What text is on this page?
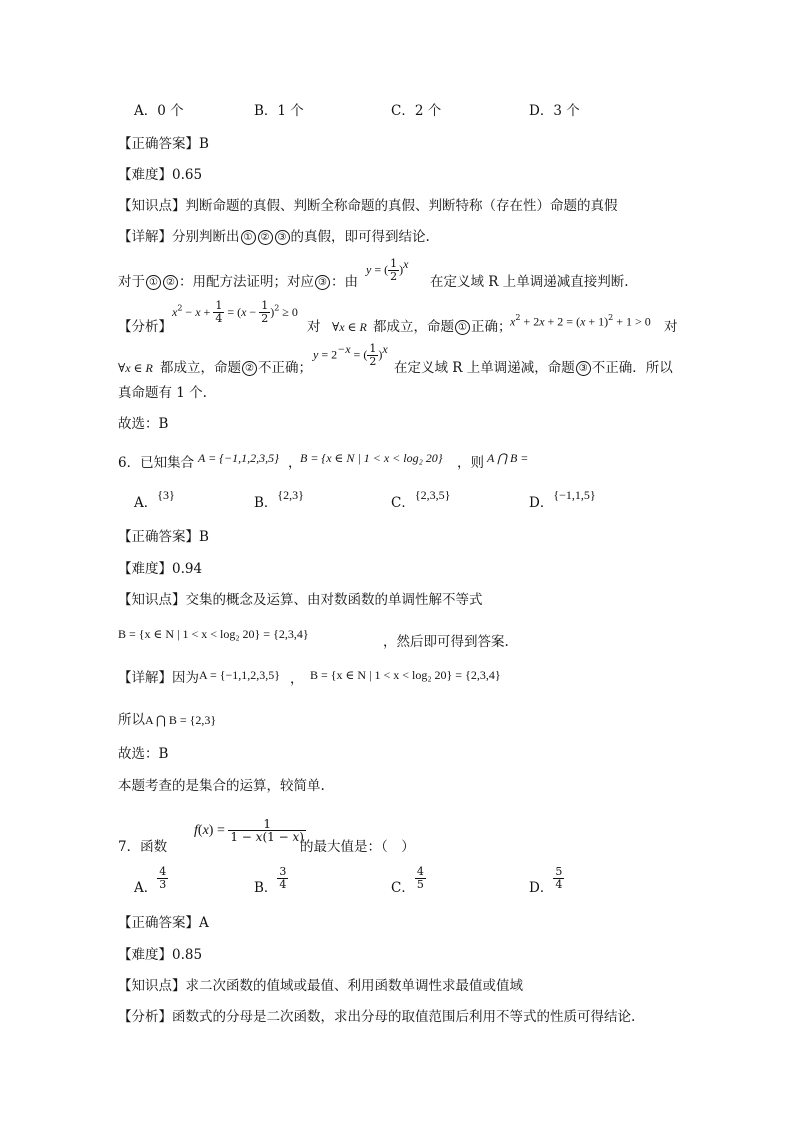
A．0 个	B．1 个	C．2 个	D．3 个
【正确答案】B
【难度】0.65
【知识点】判断命题的真假、判断全称命题的真假、判断特称（存在性）命题的真假
【详解】分别判断出 ① ② ③ 的真假，即可得到结论.
对于 ① ② ：用配方法证明；对应 ③ ：由
y = ( $\frac{1}{2} )^x$
在定义域 R 上单调递减直接判断.
【分析】
$x^2 - x + \frac{1}{4} = (x - \frac{1}{2} )^2 \ge 0$
对 ∀x ∈ R 都成立，命题 ① 正确；
$x^2 + 2x + 2 = (x + 1)^2 + 1 > 0$ 对
∀x ∈ R 都成立，命题 ② 不正确；
$y = 2^{-x}$ = ( $\frac{1}{2} )^x$
在定义域 R 上单调递减，命题 ③ 不正确．所以
真命题有 1 个.
故选：B
6．已知集合 A = {−1,1,2,3,5} ，
B = {x ∈ N | 1 < x < log₂ 20} ，则 A ⋂ B =
A．{3}	B．{2,3}	C．{2,3,5}	D．{−1,1,5}
【正确答案】B
【难度】0.94
【知识点】交集的概念及运算、由对数函数的单调性解不等式
B = {x ∈ N | 1 < x < log₂ 20} = {2,3,4}	，然后即可得到答案.
【详解】因为 A = {−1,1,2,3,5} ， B = {x ∈ N | 1 < x < log₂ 20} = {2,3,4}
所以A ⋂ B = {2,3}
故选：B
本题考查的是集合的运算，较简单.
7．函数
$f(x) = \frac{1}{1 - x(1 - x)}$
的最大值是：（　）
A． $\frac{4}{3}$	B． $\frac{3}{4}$	C． $\frac{4}{5}$	D． $\frac{5}{4}$
【正确答案】A
【难度】0.85
【知识点】求二次函数的值域或最值、利用函数单调性求最值或值域
【分析】函数式的分母是二次函数，求出分母的取值范围后利用不等式的性质可得结论.
